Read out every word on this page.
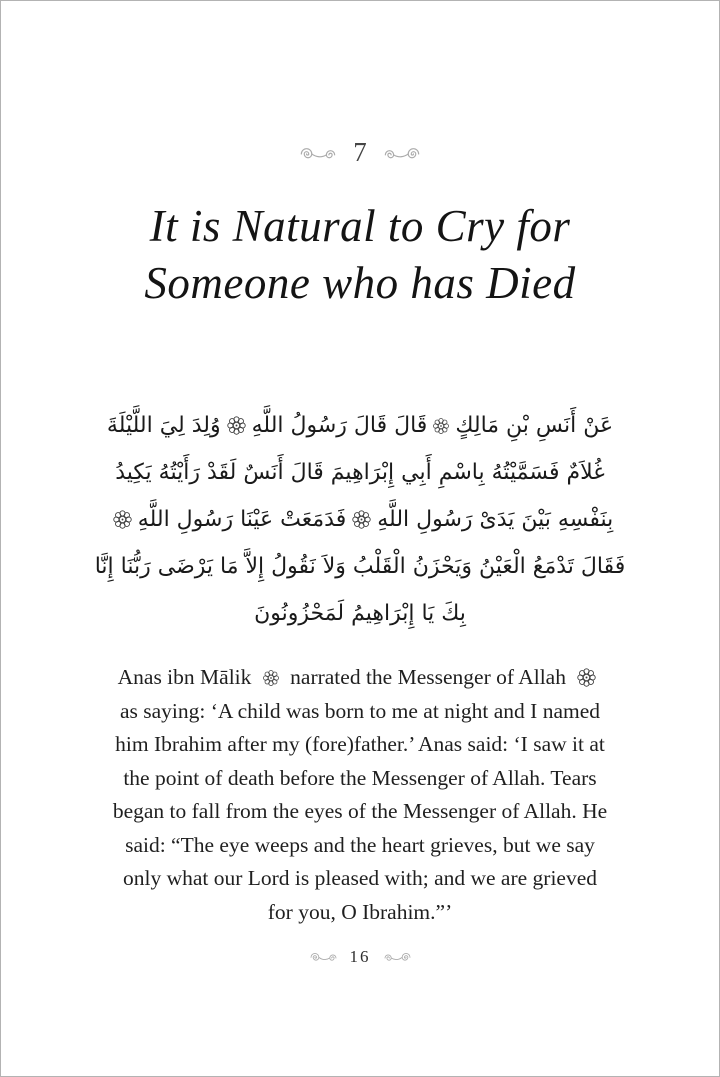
7
It is Natural to Cry for
Someone who has Died
عَنْ أَنَسِ بْنِ مَالِكٍقَالَ قَالَ رَسُولُ اللَّهِوُلِدَ لِيَ اللَّيْلَةَ
غُلاَمٌ فَسَمَّيْتُهُ بِاسْمِ أَبِي إِبْرَاهِيمَ قَالَ أَنَسٌ لَقَدْ رَأَيْتُهُ يَكِيدُ
بِنَفْسِهِ بَيْنَ يَدَىْ رَسُولِ اللَّهِفَدَمَعَتْ عَيْنَا رَسُولِ اللَّهِ
فَقَالَ تَدْمَعُ الْعَيْنُ وَيَحْزَنُ الْقَلْبُ وَلاَ نَقُولُ إِلاَّ مَا يَرْضَى رَبُّنَا إِنَّا
بِكَ يَا إِبْرَاهِيمُ لَمَحْزُونُونَ
Anas ibn Mālik narrated the Messenger of Allah
as saying: ‘A child was born to me at night and I named
him Ibrahim after my (fore)father.’ Anas said: ‘I saw it at
the point of death before the Messenger of Allah. Tears
began to fall from the eyes of the Messenger of Allah. He
said: “The eye weeps and the heart grieves, but we say
only what our Lord is pleased with; and we are grieved
for you, O Ibrahim.”’
16
